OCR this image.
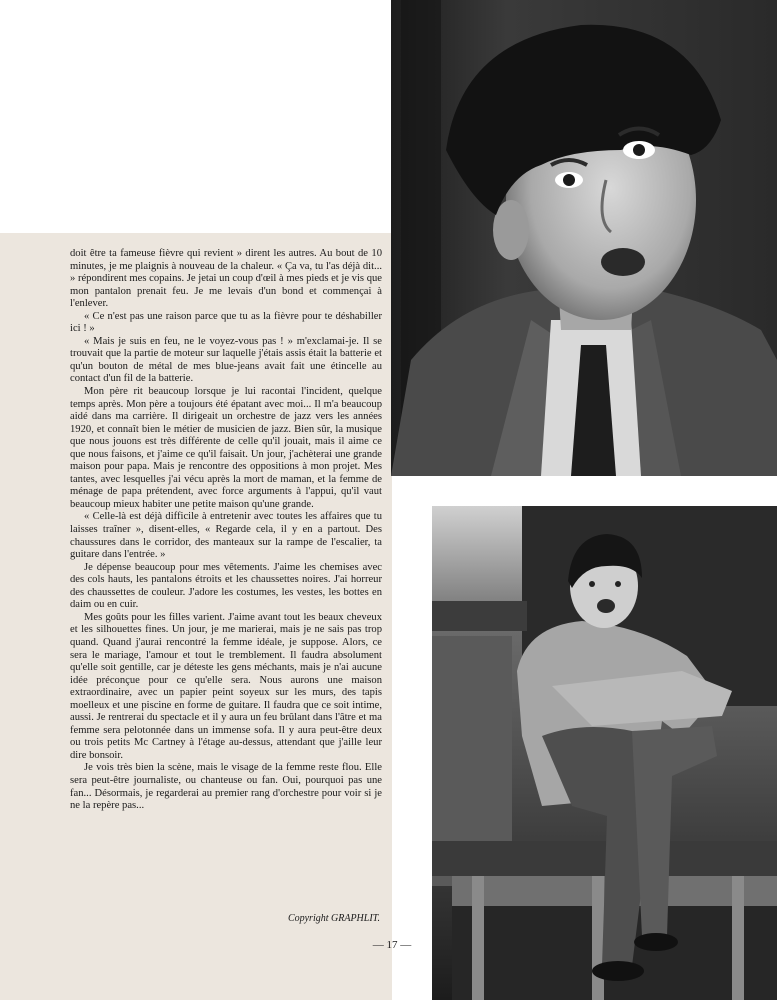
doit être ta fameuse fièvre qui revient » dirent les autres. Au bout de 10 minutes, je me plaignis à nouveau de la chaleur. « Ça va, tu l'as déjà dit... » répondirent mes copains. Je jetai un coup d'œil à mes pieds et je vis que mon pantalon prenait feu. Je me levais d'un bond et commençai à l'enlever.

« Ce n'est pas une raison parce que tu as la fièvre pour te déshabiller ici ! »

« Mais je suis en feu, ne le voyez-vous pas ! » m'exclamai-je. Il se trouvait que la partie de moteur sur laquelle j'étais assis était la batterie et qu'un bouton de métal de mes blue-jeans avait fait une étincelle au contact d'un fil de la batterie.

Mon père rit beaucoup lorsque je lui racontai l'incident, quelque temps après. Mon père a toujours été épatant avec moi... Il m'a beaucoup aidé dans ma carrière. Il dirigeait un orchestre de jazz vers les années 1920, et connaît bien le métier de musicien de jazz. Bien sûr, la musique que nous jouons est très différente de celle qu'il jouait, mais il aime ce que nous faisons, et j'aime ce qu'il faisait. Un jour, j'achèterai une grande maison pour papa. Mais je rencontre des oppositions à mon projet. Mes tantes, avec lesquelles j'ai vécu après la mort de maman, et la femme de ménage de papa prétendent, avec force arguments à l'appui, qu'il vaut beaucoup mieux habiter une petite maison qu'une grande.

« Celle-là est déjà difficile à entretenir avec toutes les affaires que tu laisses traîner », disent-elles, « Regarde cela, il y en a partout. Des chaussures dans le corridor, des manteaux sur la rampe de l'escalier, ta guitare dans l'entrée. »

Je dépense beaucoup pour mes vêtements. J'aime les chemises avec des cols hauts, les pantalons étroits et les chaussettes noires. J'ai horreur des chaussettes de couleur. J'adore les costumes, les vestes, les bottes en daim ou en cuir.

Mes goûts pour les filles varient. J'aime avant tout les beaux cheveux et les silhouettes fines. Un jour, je me marierai, mais je ne sais pas trop quand. Quand j'aurai rencontré la femme idéale, je suppose. Alors, ce sera le mariage, l'amour et tout le tremblement. Il faudra absolument qu'elle soit gentille, car je déteste les gens méchants, mais je n'ai aucune idée préconçue pour ce qu'elle sera. Nous aurons une maison extraordinaire, avec un papier peint soyeux sur les murs, des tapis moelleux et une piscine en forme de guitare. Il faudra que ce soit intime, aussi. Je rentrerai du spectacle et il y aura un feu brûlant dans l'âtre et ma femme sera pelotonnée dans un immense sofa. Il y aura peut-être deux ou trois petits Mc Cartney à l'étage au-dessus, attendant que j'aille leur dire bonsoir.

Je vois très bien la scène, mais le visage de la femme reste flou. Elle sera peut-être journaliste, ou chanteuse ou fan. Oui, pourquoi pas une fan... Désormais, je regarderai au premier rang d'orchestre pour voir si je ne la repère pas...

Copyright GRAPHLIT.
— 17 —
